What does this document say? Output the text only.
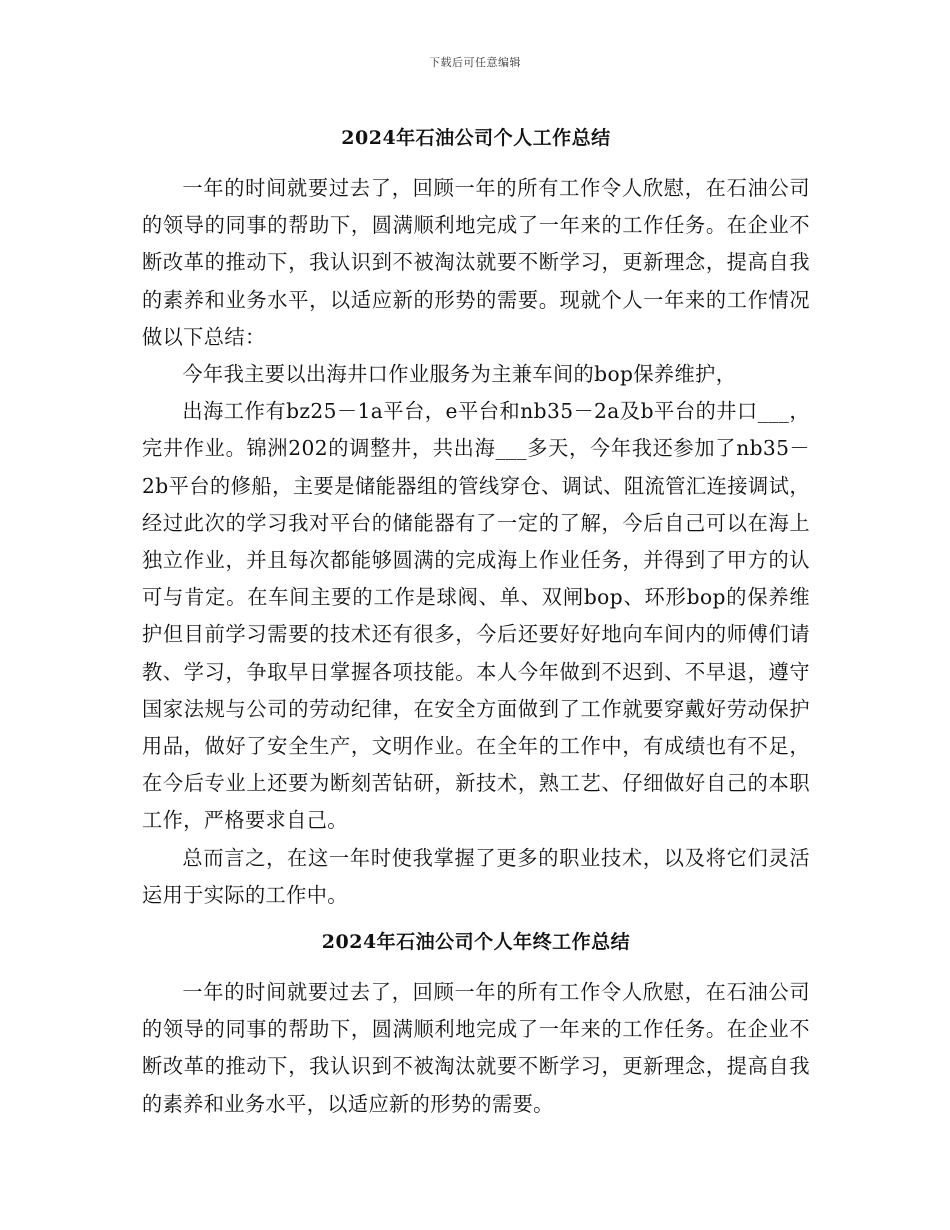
下载后可任意编辑
2024年石油公司个人工作总结

一年的时间就要过去了，回顾一年的所有工作令人欣慰，在石油公司的领导的同事的帮助下，圆满顺利地完成了一年来的工作任务。在企业不断改革的推动下，我认识到不被淘汰就要不断学习，更新理念，提高自我的素养和业务水平，以适应新的形势的需要。现就个人一年来的工作情况做以下总结：

今年我主要以出海井口作业服务为主兼车间的bop保养维护，

出海工作有bz25－1a平台，e平台和nb35－2a及b平台的井口___，完井作业。锦洲202的调整井，共出海___多天，今年我还参加了nb35－2b平台的修船，主要是储能器组的管线穿仓、调试、阻流管汇连接调试，经过此次的学习我对平台的储能器有了一定的了解，今后自己可以在海上独立作业，并且每次都能够圆满的完成海上作业任务，并得到了甲方的认可与肯定。在车间主要的工作是球阀、单、双闸bop、环形bop的保养维护但目前学习需要的技术还有很多，今后还要好好地向车间内的师傅们请教、学习，争取早日掌握各项技能。本人今年做到不迟到、不早退，遵守国家法规与公司的劳动纪律，在安全方面做到了工作就要穿戴好劳动保护用品，做好了安全生产，文明作业。在全年的工作中，有成绩也有不足，在今后专业上还要为断刻苦钻研，新技术，熟工艺、仔细做好自己的本职工作，严格要求自己。

总而言之，在这一年时使我掌握了更多的职业技术，以及将它们灵活运用于实际的工作中。

2024年石油公司个人年终工作总结

一年的时间就要过去了，回顾一年的所有工作令人欣慰，在石油公司的领导的同事的帮助下，圆满顺利地完成了一年来的工作任务。在企业不断改革的推动下，我认识到不被淘汰就要不断学习，更新理念，提高自我的素养和业务水平，以适应新的形势的需要。
